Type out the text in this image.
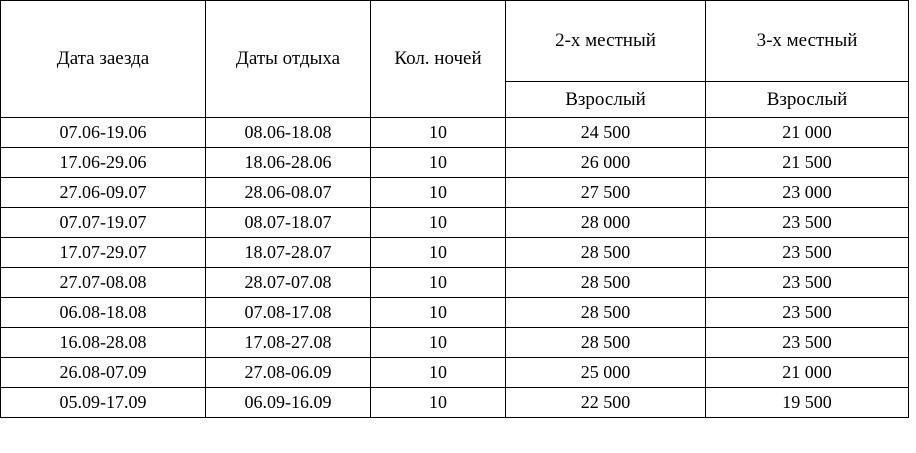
Дата заезда	Даты отдыха	Кол. ночей	2-х местный	3-х местный
			Взрослый	Взрослый
07.06-19.06	08.06-18.08	10	24 500	21 000
17.06-29.06	18.06-28.06	10	26 000	21 500
27.06-09.07	28.06-08.07	10	27 500	23 000
07.07-19.07	08.07-18.07	10	28 000	23 500
17.07-29.07	18.07-28.07	10	28 500	23 500
27.07-08.08	28.07-07.08	10	28 500	23 500
06.08-18.08	07.08-17.08	10	28 500	23 500
16.08-28.08	17.08-27.08	10	28 500	23 500
26.08-07.09	27.08-06.09	10	25 000	21 000
05.09-17.09	06.09-16.09	10	22 500	19 500
